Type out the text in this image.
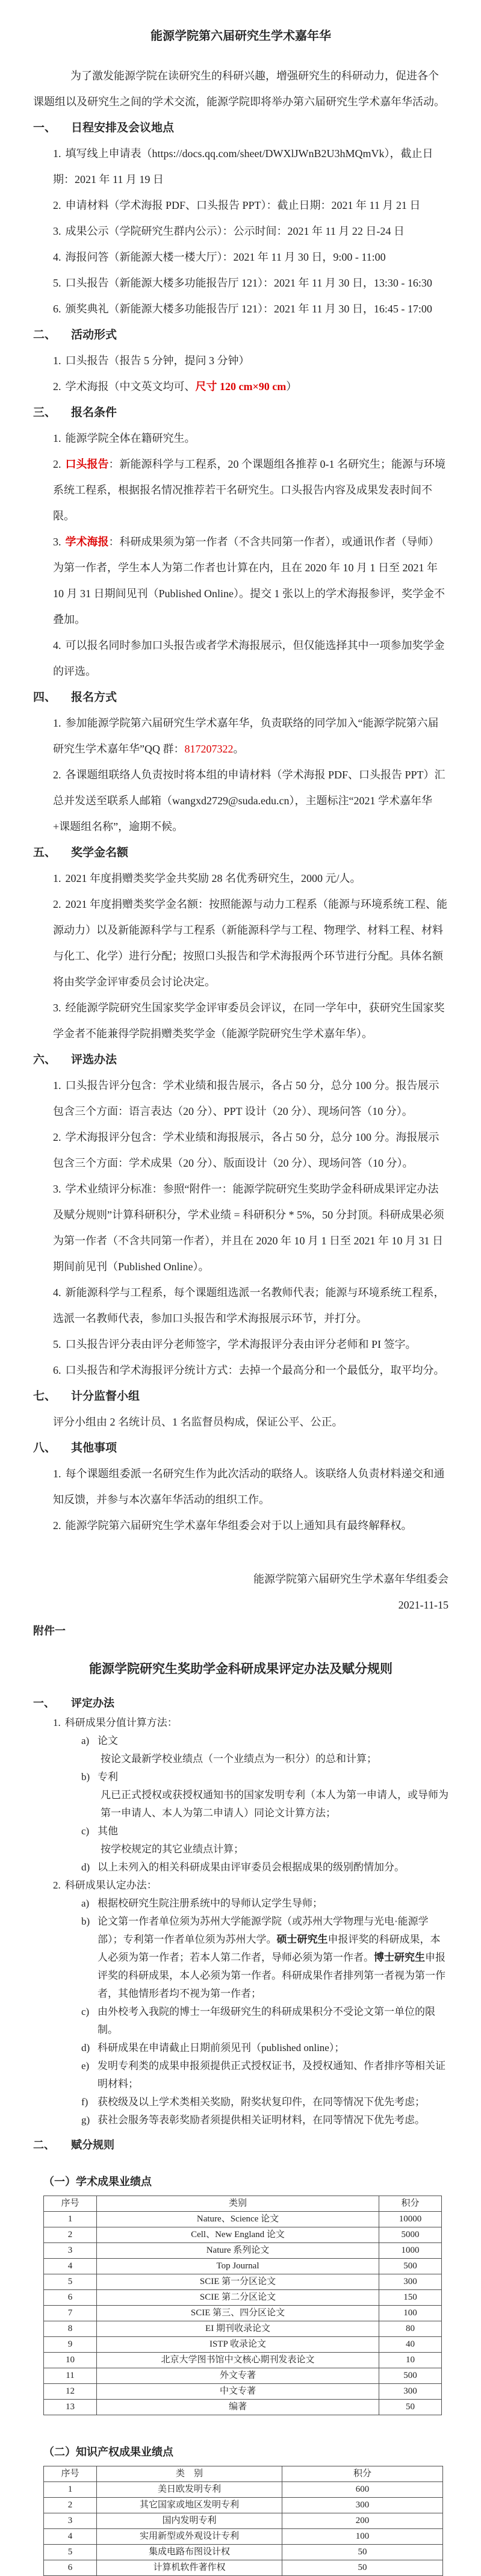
能源学院第六届研究生学术嘉年华
为了激发能源学院在读研究生的科研兴趣，增强研究生的科研动力，促进各个课题组以及研究生之间的学术交流，能源学院即将举办第六届研究生学术嘉年华活动。
一、 日程安排及会议地点
1. 填写线上申请表（https://docs.qq.com/sheet/DWXlJWnB2U3hMQmVk），截止日期：2021 年 11 月 19 日
2. 申请材料（学术海报 PDF、口头报告 PPT）：截止日期：2021 年 11 月 21 日
3. 成果公示（学院研究生群内公示）：公示时间：2021 年 11 月 22 日-24 日
4. 海报问答（新能源大楼一楼大厅）：2021 年 11 月 30 日，9:00 - 11:00
5. 口头报告（新能源大楼多功能报告厅 121）：2021 年 11 月 30 日，13:30 - 16:30
6. 颁奖典礼（新能源大楼多功能报告厅 121）：2021 年 11 月 30 日，16:45 - 17:00
二、 活动形式
1. 口头报告（报告 5 分钟，提问 3 分钟）
2. 学术海报（中文英文均可、尺寸 120 cm×90 cm）
三、 报名条件
1. 能源学院全体在籍研究生。
2. 口头报告：新能源科学与工程系，20 个课题组各推荐 0-1 名研究生；能源与环境系统工程系，根据报名情况推荐若干名研究生。口头报告内容及成果发表时间不限。
3. 学术海报：科研成果须为第一作者（不含共同第一作者），或通讯作者（导师）为第一作者，学生本人为第二作者也计算在内，且在 2020 年 10 月 1 日至 2021 年 10 月 31 日期间见刊（Published Online）。提交 1 张以上的学术海报参评，奖学金不叠加。
4. 可以报名同时参加口头报告或者学术海报展示，但仅能选择其中一项参加奖学金的评选。
四、 报名方式
1. 参加能源学院第六届研究生学术嘉年华，负责联络的同学加入“能源学院第六届研究生学术嘉年华”QQ 群：817207322。
2. 各课题组联络人负责按时将本组的申请材料（学术海报 PDF、口头报告 PPT）汇总并发送至联系人邮箱（wangxd2729@suda.edu.cn），主题标注“2021 学术嘉年华+课题组名称”，逾期不候。
五、 奖学金名额
1. 2021 年度捐赠类奖学金共奖励 28 名优秀研究生，2000 元/人。
2. 2021 年度捐赠类奖学金名额：按照能源与动力工程系（能源与环境系统工程、能源动力）以及新能源科学与工程系（新能源科学与工程、物理学、材料工程、材料与化工、化学）进行分配；按照口头报告和学术海报两个环节进行分配。具体名额将由奖学金评审委员会讨论决定。
3. 经能源学院研究生国家奖学金评审委员会评议，在同一学年中，获研究生国家奖学金者不能兼得学院捐赠类奖学金（能源学院研究生学术嘉年华）。
六、 评选办法
1. 口头报告评分包含：学术业绩和报告展示，各占 50 分，总分 100 分。报告展示包含三个方面：语言表达（20 分）、PPT 设计（20 分）、现场问答（10 分）。
2. 学术海报评分包含：学术业绩和海报展示，各占 50 分，总分 100 分。海报展示包含三个方面：学术成果（20 分）、版面设计（20 分）、现场问答（10 分）。
3. 学术业绩评分标准：参照“附件一：能源学院研究生奖助学金科研成果评定办法及赋分规则”计算科研积分，学术业绩 = 科研积分 * 5%，50 分封顶。科研成果必须为第一作者（不含共同第一作者），并且在 2020 年 10 月 1 日至 2021 年 10 月 31 日期间前见刊（Published Online）。
4. 新能源科学与工程系，每个课题组选派一名教师代表；能源与环境系统工程系，选派一名教师代表，参加口头报告和学术海报展示环节，并打分。
5. 口头报告评分表由评分老师签字，学术海报评分表由评分老师和 PI 签字。
6. 口头报告和学术海报评分统计方式：去掉一个最高分和一个最低分，取平均分。
七、 计分监督小组
评分小组由 2 名统计员、1 名监督员构成，保证公平、公正。
八、 其他事项
1. 每个课题组委派一名研究生作为此次活动的联络人。该联络人负责材料递交和通知反馈，并参与本次嘉年华活动的组织工作。
2. 能源学院第六届研究生学术嘉年华组委会对于以上通知具有最终解释权。
能源学院第六届研究生学术嘉年华组委会
2021-11-15
附件一
能源学院研究生奖助学金科研成果评定办法及赋分规则
一、 评定办法
1. 科研成果分值计算方法：
a) 论文
按论文最新学校业绩点（一个业绩点为一积分）的总和计算；
b) 专利
凡已正式授权或获授权通知书的国家发明专利（本人为第一申请人，或导师为第一申请人、本人为第二申请人）同论文计算方法；
c) 其他
按学校规定的其它业绩点计算；
d) 以上未列入的相关科研成果由评审委员会根据成果的级别酌情加分。
2. 科研成果认定办法：
a) 根据校研究生院注册系统中的导师认定学生导师；
b) 论文第一作者单位须为苏州大学能源学院（或苏州大学物理与光电·能源学部）；专利第一作者单位须为苏州大学。硕士研究生申报评奖的科研成果，本人必须为第一作者；若本人第二作者，导师必须为第一作者。博士研究生申报评奖的科研成果，本人必须为第一作者。科研成果作者排列第一者视为第一作者，其他情形者均不视为第一作者；
c) 由外校考入我院的博士一年级研究生的科研成果积分不受论文第一单位的限制。
d) 科研成果在申请截止日期前须见刊（published online）；
e) 发明专利类的成果申报须提供正式授权证书，及授权通知、作者排序等相关证明材料；
f) 获校级及以上学术类相关奖励，附奖状复印件，在同等情况下优先考虑；
g) 获社会服务等表彰奖励者须提供相关证明材料，在同等情况下优先考虑。
二、 赋分规则
（一）学术成果业绩点
序号	类别	积分
1	Nature、Science 论文	10000
2	Cell、New England 论文	5000
3	Nature 系列论文	1000
4	Top Journal	500
5	SCIE 第一分区论文	300
6	SCIE 第二分区论文	150
7	SCIE 第三、四分区论文	100
8	EI 期刊收录论文	80
9	ISTP 收录论文	40
10	北京大学图书馆中文核心期刊发表论文	10
11	外文专著	500
12	中文专著	300
13	编著	50
（二）知识产权成果业绩点
序号	类　别	积分
1	美日欧发明专利	600
2	其它国家或地区发明专利	300
3	国内发明专利	200
4	实用新型或外观设计专利	100
5	集成电路布图设计权	50
6	计算机软件著作权	50
